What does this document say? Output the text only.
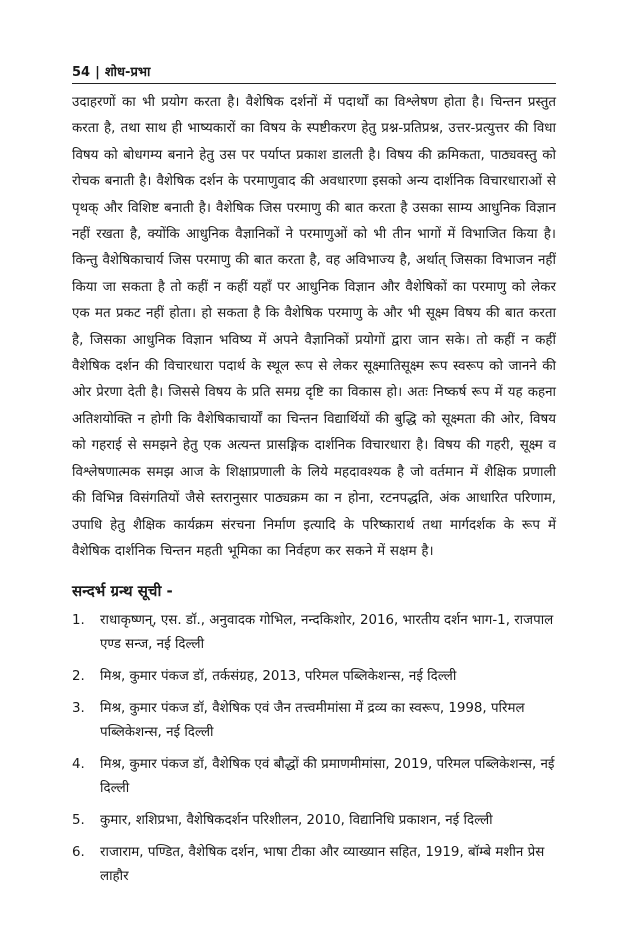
54 | शोध-प्रभा

उदाहरणों का भी प्रयोग करता है। वैशेषिक दर्शनों में पदार्थों का विश्लेषण होता है। चिन्तन प्रस्तुत करता है, तथा साथ ही भाष्यकारों का विषय के स्पष्टीकरण हेतु प्रश्न-प्रतिप्रश्न, उत्तर-प्रत्युत्तर की विधा विषय को बोधगम्य बनाने हेतु उस पर पर्याप्त प्रकाश डालती है। विषय की क्रमिकता, पाठ्यवस्तु को रोचक बनाती है। वैशेषिक दर्शन के परमाणुवाद की अवधारणा इसको अन्य दार्शनिक विचारधाराओं से पृथक् और विशिष्ट बनाती है। वैशेषिक जिस परमाणु की बात करता है उसका साम्य आधुनिक विज्ञान नहीं रखता है, क्योंकि आधुनिक वैज्ञानिकों ने परमाणुओं को भी तीन भागों में विभाजित किया है। किन्तु वैशेषिकाचार्य जिस परमाणु की बात करता है, वह अविभाज्य है, अर्थात् जिसका विभाजन नहीं किया जा सकता है तो कहीं न कहीं यहाँ पर आधुनिक विज्ञान और वैशेषिकों का परमाणु को लेकर एक मत प्रकट नहीं होता। हो सकता है कि वैशेषिक परमाणु के और भी सूक्ष्म विषय की बात करता है, जिसका आधुनिक विज्ञान भविष्य में अपने वैज्ञानिकों प्रयोगों द्वारा जान सके। तो कहीं न कहीं वैशेषिक दर्शन की विचारधारा पदार्थ के स्थूल रूप से लेकर सूक्ष्मातिसूक्ष्म रूप स्वरूप को जानने की ओर प्रेरणा देती है। जिससे विषय के प्रति समग्र दृष्टि का विकास हो। अतः निष्कर्ष रूप में यह कहना अतिशयोक्ति न होगी कि वैशेषिकाचार्यों का चिन्तन विद्यार्थियों की बुद्धि को सूक्ष्मता की ओर, विषय को गहराई से समझने हेतु एक अत्यन्त प्रासङ्गिक दार्शनिक विचारधारा है। विषय की गहरी, सूक्ष्म व विश्लेषणात्मक समझ आज के शिक्षाप्रणाली के लिये महदावश्यक है जो वर्तमान में शैक्षिक प्रणाली की विभिन्न विसंगतियों जैसे स्तरानुसार पाठ्यक्रम का न होना, रटनपद्धति, अंक आधारित परिणाम, उपाधि हेतु शैक्षिक कार्यक्रम संरचना निर्माण इत्यादि के परिष्कारार्थ तथा मार्गदर्शक के रूप में वैशेषिक दार्शनिक चिन्तन महती भूमिका का निर्वहण कर सकने में सक्षम है।

सन्दर्भ ग्रन्थ सूची -
1.	राधाकृष्णन्, एस. डॉ., अनुवादक गोभिल, नन्दकिशोर, 2016, भारतीय दर्शन भाग-1, राजपाल एण्ड सन्ज, नई दिल्ली
2.	मिश्र, कुमार पंकज डॉ, तर्कसंग्रह, 2013, परिमल पब्लिकेशन्स, नई दिल्ली
3.	मिश्र, कुमार पंकज डॉ, वैशेषिक एवं जैन तत्त्वमीमांसा में द्रव्य का स्वरूप, 1998, परिमल पब्लिकेशन्स, नई दिल्ली
4.	मिश्र, कुमार पंकज डॉ, वैशेषिक एवं बौद्धों की प्रमाणमीमांसा, 2019, परिमल पब्लिकेशन्स, नई दिल्ली
5.	कुमार, शशिप्रभा, वैशेषिकदर्शन परिशीलन, 2010, विद्यानिधि प्रकाशन, नई दिल्ली
6.	राजाराम, पण्डित, वैशेषिक दर्शन, भाषा टीका और व्याख्यान सहित, 1919, बॉम्बे मशीन प्रेस लाहौर
